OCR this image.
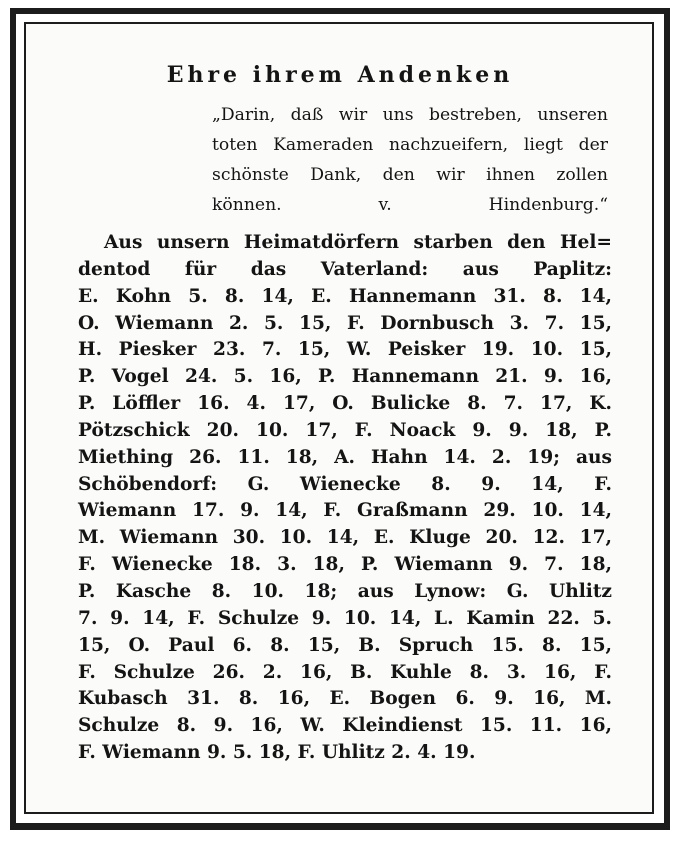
Ehre ihrem Andenken
„Darin, daß wir uns bestreben, unseren
toten Kameraden nachzueifern, liegt der
schönste Dank, den wir ihnen zollen
können. v. Hindenburg.“
Aus unsern Heimatdörfern starben den Hel=
dentod für das Vaterland: aus Paplitz:
E. Kohn 5. 8. 14, E. Hannemann 31. 8. 14,
O. Wiemann 2. 5. 15, F. Dornbusch 3. 7. 15,
H. Piesker 23. 7. 15, W. Peisker 19. 10. 15,
P. Vogel 24. 5. 16, P. Hannemann 21. 9. 16,
P. Löffler 16. 4. 17, O. Bulicke 8. 7. 17, K.
Pötzschick 20. 10. 17, F. Noack 9. 9. 18, P.
Miething 26. 11. 18, A. Hahn 14. 2. 19; aus
Schöbendorf: G. Wienecke 8. 9. 14, F.
Wiemann 17. 9. 14, F. Graßmann 29. 10. 14,
M. Wiemann 30. 10. 14, E. Kluge 20. 12. 17,
F. Wienecke 18. 3. 18, P. Wiemann 9. 7. 18,
P. Kasche 8. 10. 18; aus Lynow: G. Uhlitz
7. 9. 14, F. Schulze 9. 10. 14, L. Kamin 22. 5.
15, O. Paul 6. 8. 15, B. Spruch 15. 8. 15,
F. Schulze 26. 2. 16, B. Kuhle 8. 3. 16, F.
Kubasch 31. 8. 16, E. Bogen 6. 9. 16, M.
Schulze 8. 9. 16, W. Kleindienst 15. 11. 16,
F. Wiemann 9. 5. 18, F. Uhlitz 2. 4. 19.
